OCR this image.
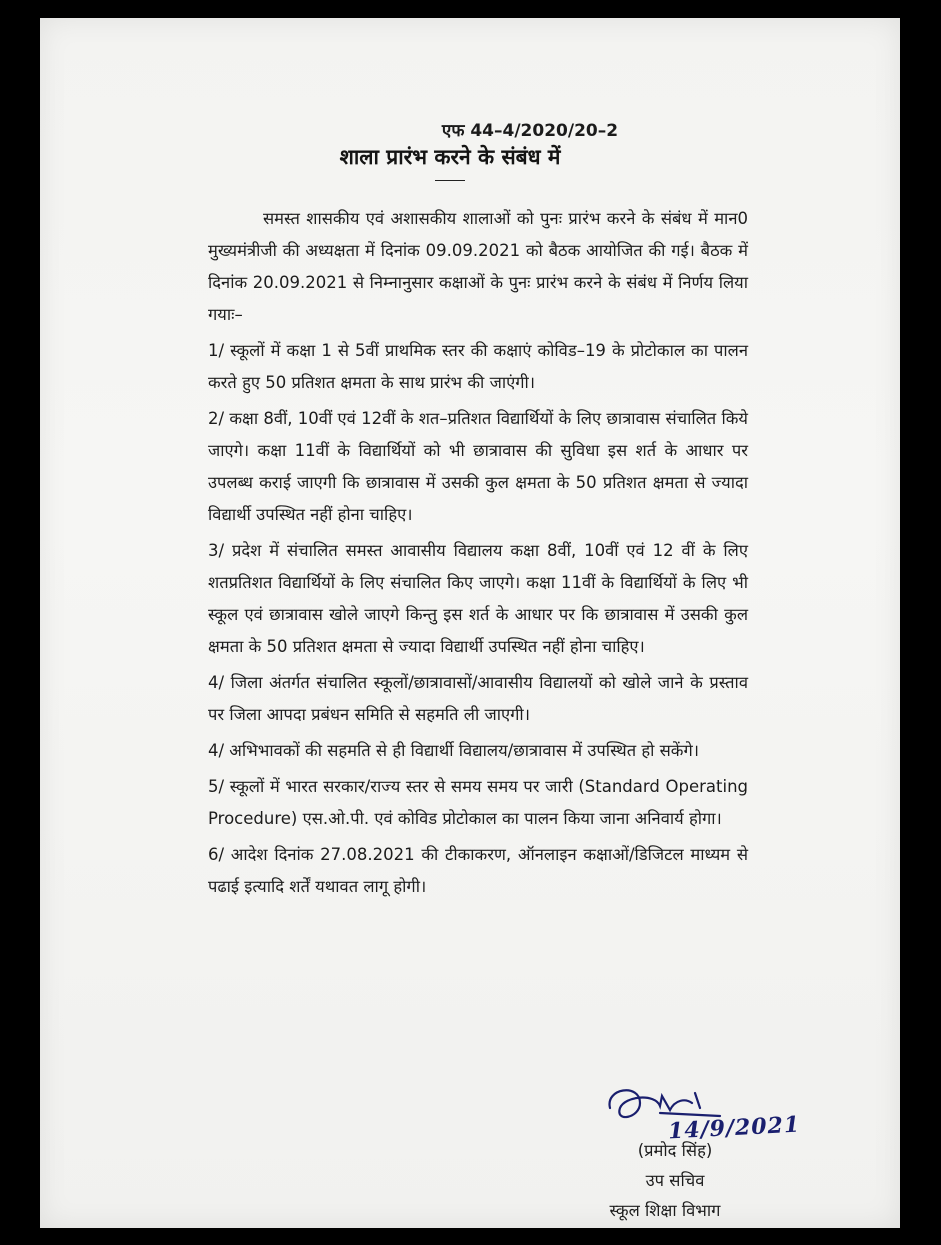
एफ 44–4/2020/20–2
शाला प्रारंभ करने के संबंध में

समस्त शासकीय एवं अशासकीय शालाओं को पुनः प्रारंभ करने के संबंध में मान0 मुख्यमंत्रीजी की अध्यक्षता में दिनांक 09.09.2021 को बैठक आयोजित की गई। बैठक में दिनांक 20.09.2021 से निम्नानुसार कक्षाओं के पुनः प्रारंभ करने के संबंध में निर्णय लिया गयाः–

1/ स्कूलों में कक्षा 1 से 5वीं प्राथमिक स्तर की कक्षाएं कोविड–19 के प्रोटोकाल का पालन करते हुए 50 प्रतिशत क्षमता के साथ प्रारंभ की जाएंगी।

2/ कक्षा 8वीं, 10वीं एवं 12वीं के शत–प्रतिशत विद्यार्थियों के लिए छात्रावास संचालित किये जाएगे। कक्षा 11वीं के विद्यार्थियों को भी छात्रावास की सुविधा इस शर्त के आधार पर उपलब्ध कराई जाएगी कि छात्रावास में उसकी कुल क्षमता के 50 प्रतिशत क्षमता से ज्यादा विद्यार्थी उपस्थित नहीं होना चाहिए।

3/ प्रदेश में संचालित समस्त आवासीय विद्यालय कक्षा 8वीं, 10वीं एवं 12 वीं के लिए शतप्रतिशत विद्यार्थियों के लिए संचालित किए जाएगे। कक्षा 11वीं के विद्यार्थियों के लिए भी स्कूल एवं छात्रावास खोले जाएगे किन्तु इस शर्त के आधार पर कि छात्रावास में उसकी कुल क्षमता के 50 प्रतिशत क्षमता से ज्यादा विद्यार्थी उपस्थित नहीं होना चाहिए।

4/ जिला अंतर्गत संचालित स्कूलों/छात्रावासों/आवासीय विद्यालयों को खोले जाने के प्रस्ताव पर जिला आपदा प्रबंधन समिति से सहमति ली जाएगी।

4/ अभिभावकों की सहमति से ही विद्यार्थी विद्यालय/छात्रावास में उपस्थित हो सकेंगे।

5/ स्कूलों में भारत सरकार/राज्य स्तर से समय समय पर जारी (Standard Operating Procedure) एस.ओ.पी. एवं कोविड प्रोटोकाल का पालन किया जाना अनिवार्य होगा।

6/ आदेश दिनांक 27.08.2021 की टीकाकरण, ऑनलाइन कक्षाओं/डिजिटल माध्यम से पढाई इत्यादि शर्तें यथावत लागू होगी।

14/9/2021
(प्रमोद सिंह)
उप सचिव
स्कूल शिक्षा विभाग
